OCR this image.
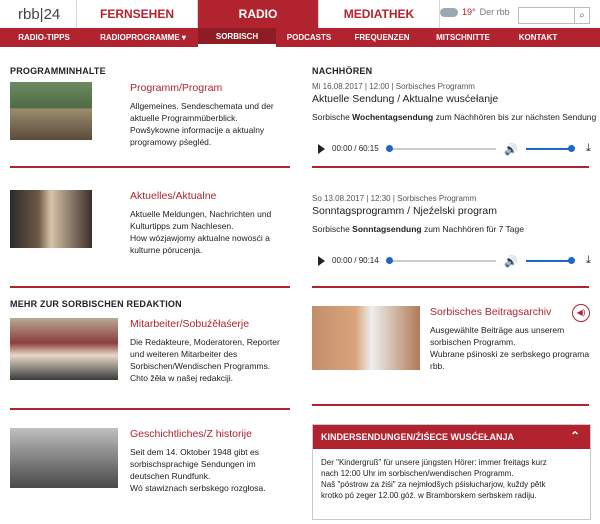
rbb|24	FERNSEHEN	RADIO	MEDIATHEK	19° Der rbb	⌕
RADIO-TIPPS	RADIOPROGRAMME ▾	SORBISCH	PODCASTS	FREQUENZEN	MITSCHNITTE	KONTAKT
PROGRAMMINHALTE
Programm/Program
Allgemeines. Sendeschemata und der
aktuelle Programmüberblick.
Powšykowne informacije a aktualny
programowy pśegléd.
Aktuelles/Aktualne
Aktuelle Meldungen, Nachrichten und
Kulturtipps zum Nachlesen.
How wózjawjomy aktualne nowosći a
kulturne pórucenja.
MEHR ZUR SORBISCHEN REDAKTION
Mitarbeiter/Sobuźěłaśerje
Die Redakteure, Moderatoren, Reporter
und weiteren Mitarbeiter des
Sorbischen/Wendischen Programms.
Chto žěła w našej redakciji.
Geschichtliches/Z historije
Seit dem 14. Oktober 1948 gibt es
sorbischsprachige Sendungen im
deutschen Rundfunk.
Wó stawiznach serbskego rozgłosa.
NACHHÖREN
Mi 16.08.2017 | 12:00 | Sorbisches Programm
Aktuelle Sendung / Aktualne wusćełanje
Sorbische Wochentagsendung zum Nachhören bis zur nächsten Sendung
00:00 / 60:15	🔊	⤓
So 13.08.2017 | 12:30 | Sorbisches Programm
Sonntagsprogramm / Njeźelski program
Sorbische Sonntagsendung zum Nachhören für 7 Tage
00:00 / 90:14	🔊	⤓
Sorbisches Beitragsarchiv	◀)
Ausgewählte Beiträge aus unserem
sorbischen Programm.
Wubrane pśinoski ze serbskego programa
rbb.
KINDERSENDUNGEN/ŹIŚECE WUSĆEŁANJA	⌃
Der "Kindergruß" für unsere jüngsten Hörer: immer freitags kurz
nach 12:00 Uhr im sorbischen/wendischen Programm.
Naš "póstrow za źiśi" za nejmłodšych pśisłucharjow, kuždy pětk
krotko pó zeger 12.00 góź. w Bramborskem serbskem radiju.
